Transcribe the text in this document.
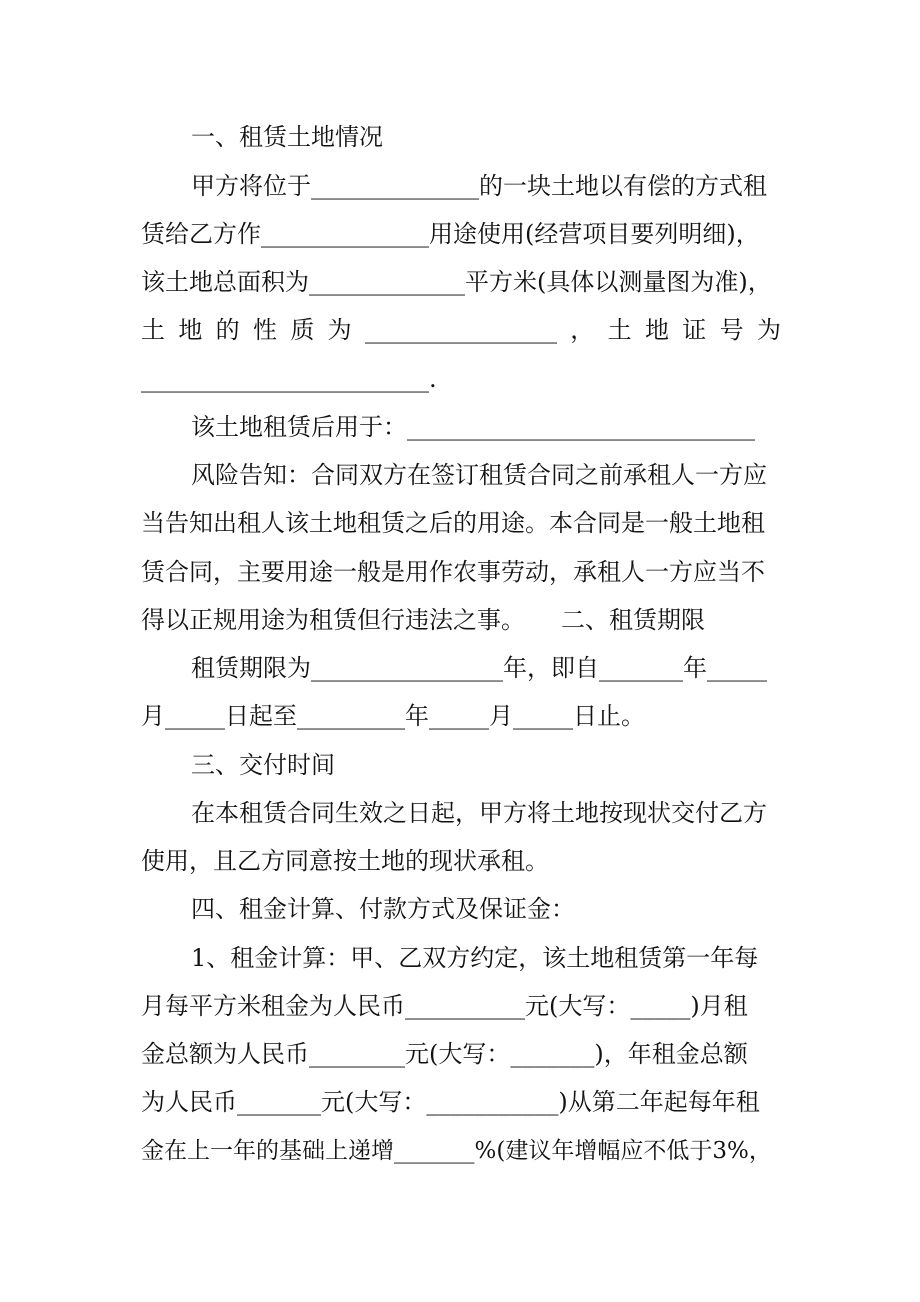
一、租赁土地情况
甲方将位于______________的一块土地以有偿的方式租
赁给乙方作______________用途使用(经营项目要列明细)，
该土地总面积为_____________平方米(具体以测量图为准)，
土 地 的 性 质 为 ________________ ， 土 地 证 号 为
________________________.
该土地租赁后用于：_____________________________
风险告知：合同双方在签订租赁合同之前承租人一方应
当告知出租人该土地租赁之后的用途。本合同是一般土地租
赁合同，主要用途一般是用作农事劳动，承租人一方应当不
得以正规用途为租赁但行违法之事。　　二、租赁期限
租赁期限为________________年，即自_______年_____
月_____日起至_________年_____月_____日止。
三、交付时间
在本租赁合同生效之日起，甲方将土地按现状交付乙方
使用，且乙方同意按土地的现状承租。
四、租金计算、付款方式及保证金：
1、租金计算：甲、乙双方约定，该土地租赁第一年每
月每平方米租金为人民币__________元(大写：_____)月租
金总额为人民币________元(大写：_______)，年租金总额
为人民币_______元(大写：___________)从第二年起每年租
金在上一年的基础上递增_______%(建议年增幅应不低于3%，
